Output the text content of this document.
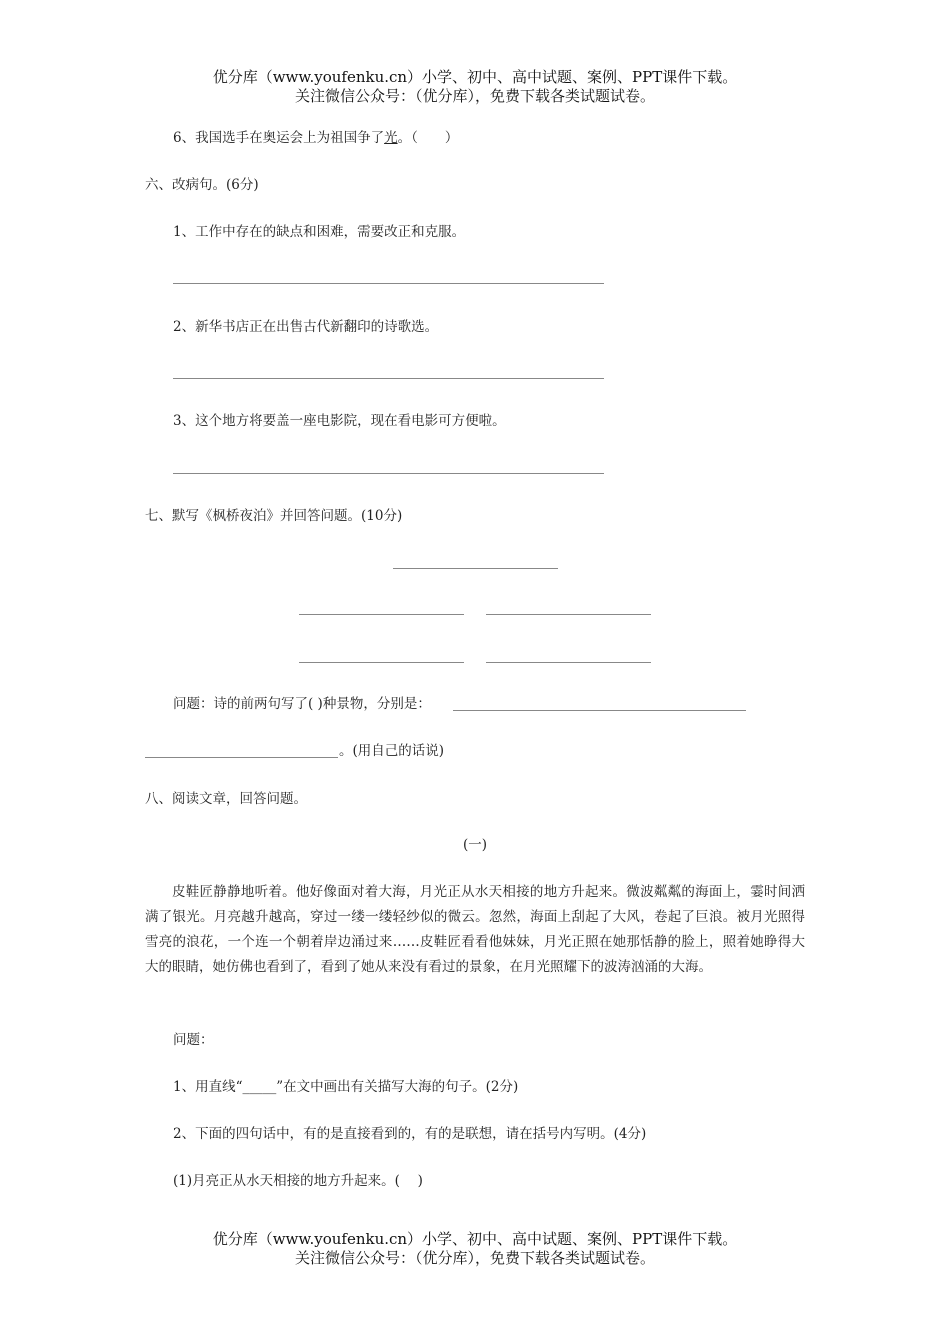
优分库（www.youfenku.cn）小学、初中、高中试题、案例、PPT课件下载。
关注微信公众号：（优分库），免费下载各类试题试卷。
6、我国选手在奥运会上为祖国争了光。（　　）
六、改病句。(6分)
1、工作中存在的缺点和困难，需要改正和克服。
2、新华书店正在出售古代新翻印的诗歌选。
3、这个地方将要盖一座电影院，现在看电影可方便啦。
七、默写《枫桥夜泊》并回答问题。(10分)
问题：诗的前两句写了( )种景物，分别是：
。(用自己的话说)
八、阅读文章，回答问题。
(一)
皮鞋匠静静地听着。他好像面对着大海，月光正从水天相接的地方升起来。微波粼粼的海面上，霎时间洒满了银光。月亮越升越高，穿过一缕一缕轻纱似的微云。忽然，海面上刮起了大风，卷起了巨浪。被月光照得雪亮的浪花，一个连一个朝着岸边涌过来……皮鞋匠看看他妹妹，月光正照在她那恬静的脸上，照着她睁得大大的眼睛，她仿佛也看到了，看到了她从来没有看过的景象，在月光照耀下的波涛汹涌的大海。
问题：
1、用直线“_____”在文中画出有关描写大海的句子。(2分)
2、下面的四句话中，有的是直接看到的，有的是联想，请在括号内写明。(4分)
(1)月亮正从水天相接的地方升起来。(　 )
优分库（www.youfenku.cn）小学、初中、高中试题、案例、PPT课件下载。
关注微信公众号：（优分库），免费下载各类试题试卷。
